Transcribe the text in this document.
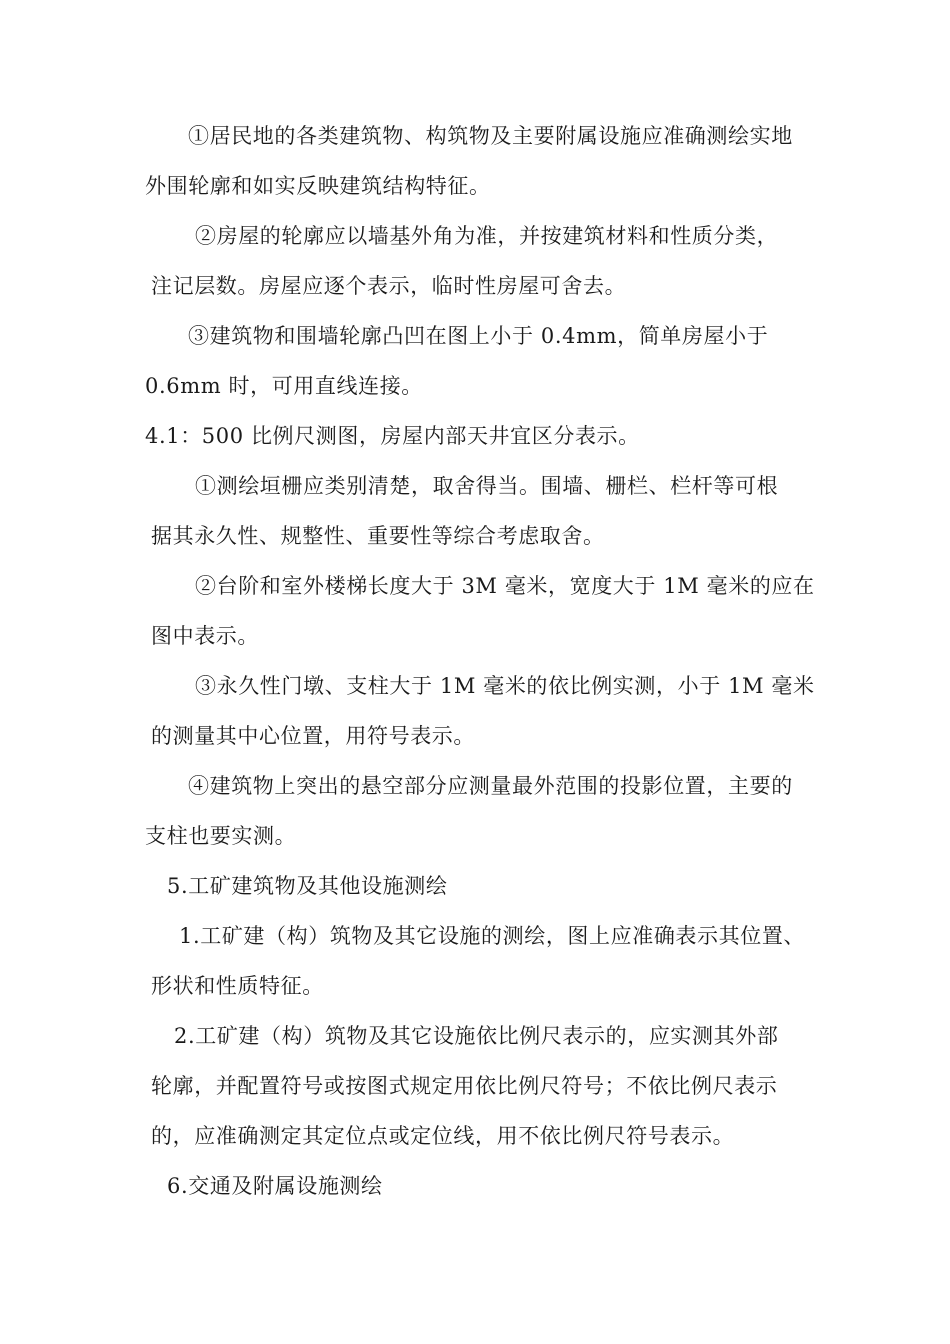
①居民地的各类建筑物、构筑物及主要附属设施应准确测绘实地
外围轮廓和如实反映建筑结构特征。
②房屋的轮廓应以墙基外角为准，并按建筑材料和性质分类，
注记层数。房屋应逐个表示，临时性房屋可舍去。
③建筑物和围墙轮廓凸凹在图上小于 0.4mm，简单房屋小于
0.6mm 时，可用直线连接。
4.1：500 比例尺测图，房屋内部天井宜区分表示。
①测绘垣栅应类别清楚，取舍得当。围墙、栅栏、栏杆等可根
据其永久性、规整性、重要性等综合考虑取舍。
②台阶和室外楼梯长度大于 3M 毫米，宽度大于 1M 毫米的应在
图中表示。
③永久性门墩、支柱大于 1M 毫米的依比例实测，小于 1M 毫米
的测量其中心位置，用符号表示。
④建筑物上突出的悬空部分应测量最外范围的投影位置，主要的
支柱也要实测。
5.工矿建筑物及其他设施测绘
1.工矿建（构）筑物及其它设施的测绘，图上应准确表示其位置、
形状和性质特征。
2.工矿建（构）筑物及其它设施依比例尺表示的，应实测其外部
轮廓，并配置符号或按图式规定用依比例尺符号；不依比例尺表示
的，应准确测定其定位点或定位线，用不依比例尺符号表示。
6.交通及附属设施测绘
